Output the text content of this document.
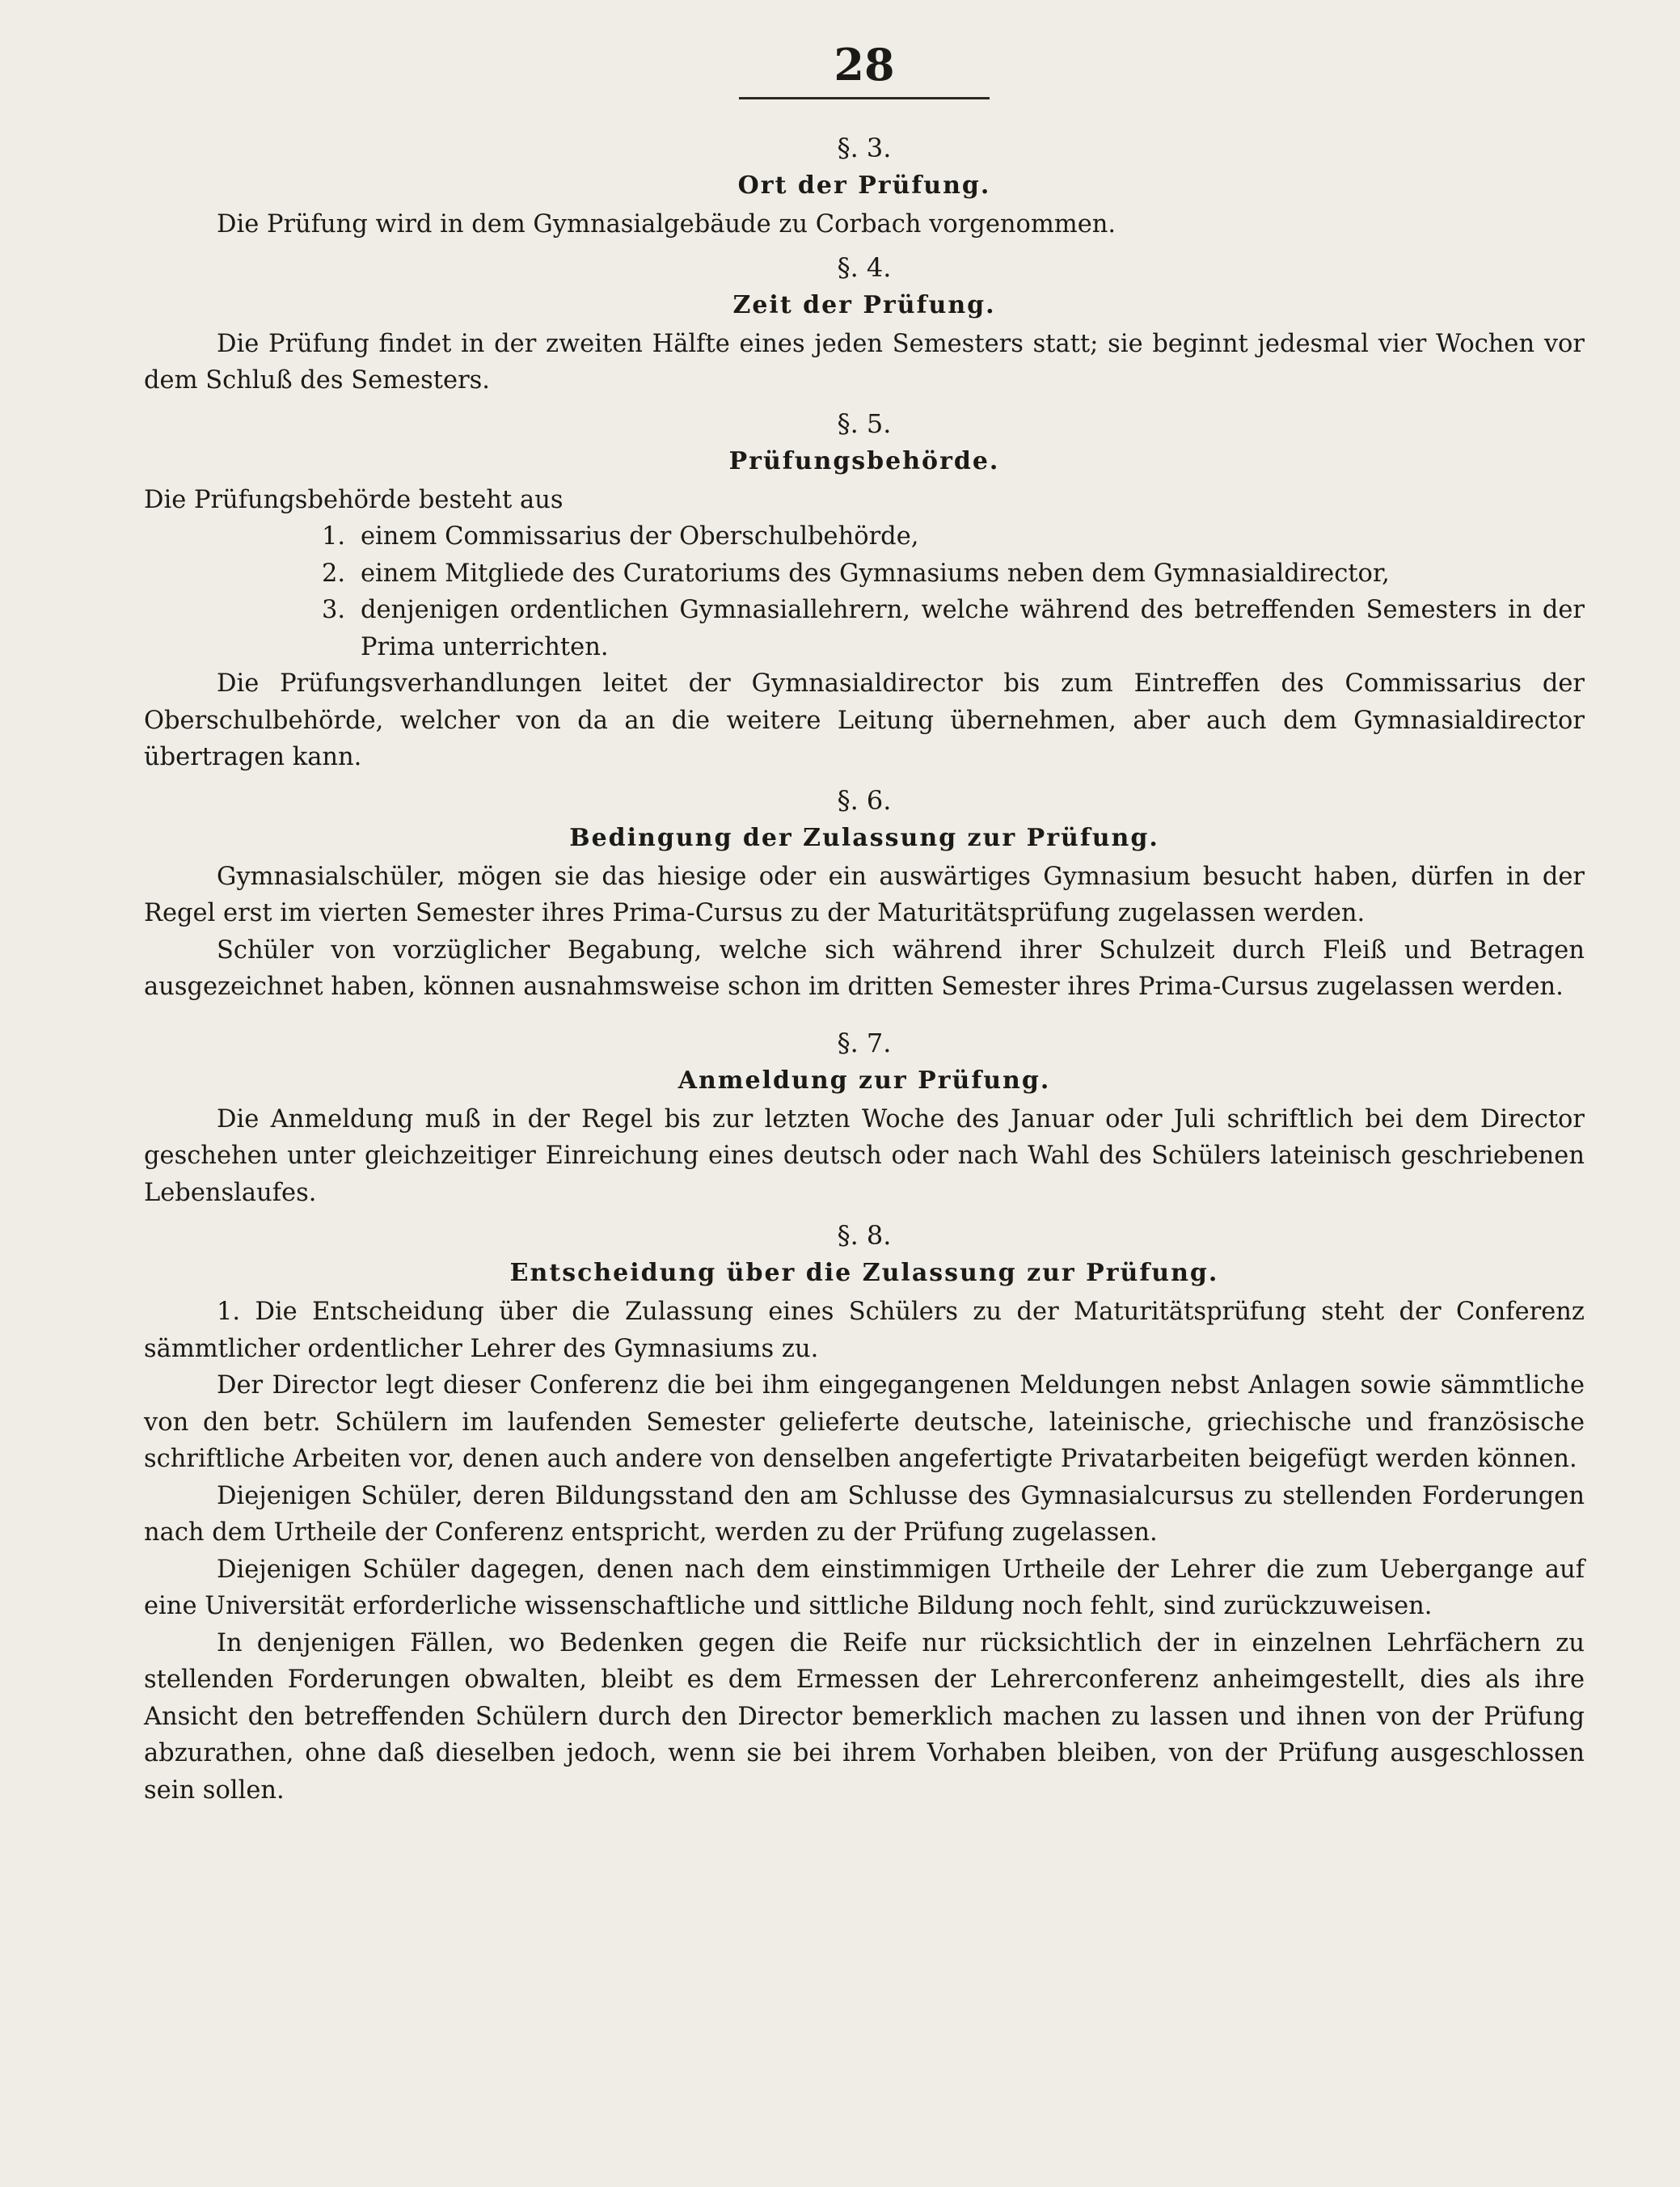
28
§. 3.
Ort der Prüfung.

Die Prüfung wird in dem Gymnasialgebäude zu Corbach vorgenommen.

§. 4.
Zeit der Prüfung.

Die Prüfung findet in der zweiten Hälfte eines jeden Semesters statt; sie beginnt jedesmal vier Wochen vor dem Schluß des Semesters.

§. 5.
Prüfungsbehörde.

Die Prüfungsbehörde besteht aus

1. einem Commissarius der Oberschulbehörde,
2. einem Mitgliede des Curatoriums des Gymnasiums neben dem Gymnasialdirector,
3. denjenigen ordentlichen Gymnasiallehrern, welche während des betreffenden Semesters in der Prima unterrichten.

Die Prüfungsverhandlungen leitet der Gymnasialdirector bis zum Eintreffen des Commissarius der Oberschulbehörde, welcher von da an die weitere Leitung übernehmen, aber auch dem Gymnasialdirector übertragen kann.

§. 6.
Bedingung der Zulassung zur Prüfung.

Gymnasialschüler, mögen sie das hiesige oder ein auswärtiges Gymnasium besucht haben, dürfen in der Regel erst im vierten Semester ihres Prima-Cursus zu der Maturitätsprüfung zugelassen werden.

Schüler von vorzüglicher Begabung, welche sich während ihrer Schulzeit durch Fleiß und Betragen ausgezeichnet haben, können ausnahmsweise schon im dritten Semester ihres Prima-Cursus zugelassen werden.

§. 7.
Anmeldung zur Prüfung.

Die Anmeldung muß in der Regel bis zur letzten Woche des Januar oder Juli schriftlich bei dem Director geschehen unter gleichzeitiger Einreichung eines deutsch oder nach Wahl des Schülers lateinisch geschriebenen Lebenslaufes.

§. 8.
Entscheidung über die Zulassung zur Prüfung.

1. Die Entscheidung über die Zulassung eines Schülers zu der Maturitätsprüfung steht der Conferenz sämmtlicher ordentlicher Lehrer des Gymnasiums zu.

Der Director legt dieser Conferenz die bei ihm eingegangenen Meldungen nebst Anlagen sowie sämmtliche von den betr. Schülern im laufenden Semester gelieferte deutsche, lateinische, griechische und französische schriftliche Arbeiten vor, denen auch andere von denselben angefertigte Privatarbeiten beigefügt werden können.

Diejenigen Schüler, deren Bildungsstand den am Schlusse des Gymnasialcursus zu stellenden Forderungen nach dem Urtheile der Conferenz entspricht, werden zu der Prüfung zugelassen.

Diejenigen Schüler dagegen, denen nach dem einstimmigen Urtheile der Lehrer die zum Uebergange auf eine Universität erforderliche wissenschaftliche und sittliche Bildung noch fehlt, sind zurückzuweisen.

In denjenigen Fällen, wo Bedenken gegen die Reife nur rücksichtlich der in einzelnen Lehrfächern zu stellenden Forderungen obwalten, bleibt es dem Ermessen der Lehrerconferenz anheimgestellt, dies als ihre Ansicht den betreffenden Schülern durch den Director bemerklich machen zu lassen und ihnen von der Prüfung abzurathen, ohne daß dieselben jedoch, wenn sie bei ihrem Vorhaben bleiben, von der Prüfung ausgeschlossen sein sollen.
